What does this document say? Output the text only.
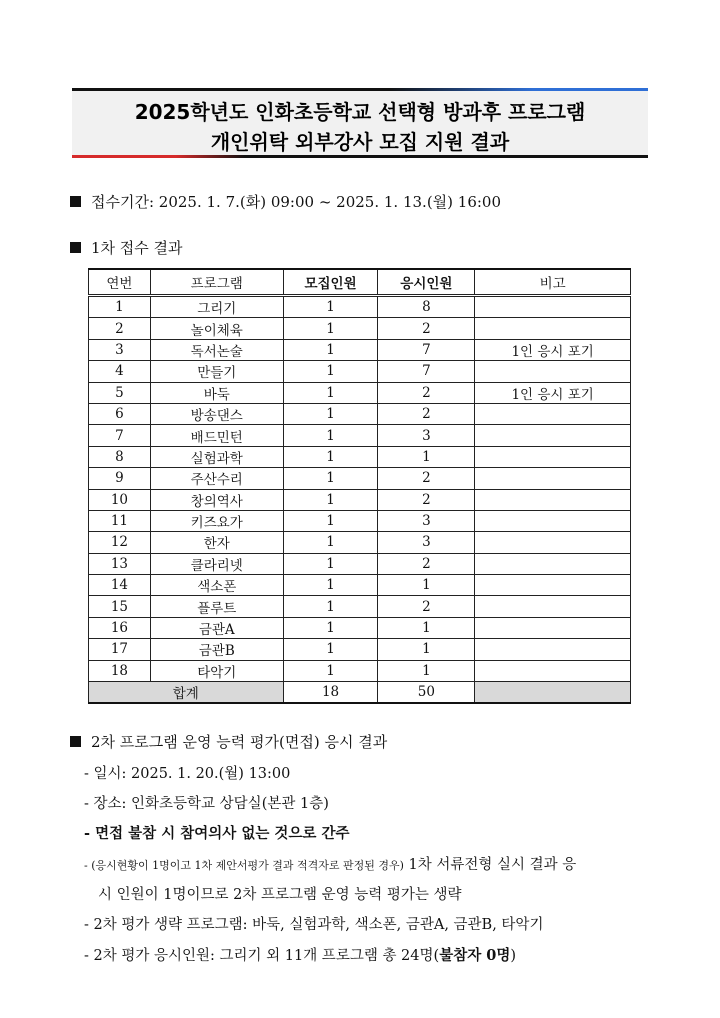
2025학년도 인화초등학교 선택형 방과후 프로그램
개인위탁 외부강사 모집 지원 결과
접수기간: 2025. 1. 7.(화) 09:00 ~ 2025. 1. 13.(월) 16:00
1차 접수 결과
연번	프로그램	모집인원	응시인원	비고
1	그리기	1	8	
2	놀이체육	1	2	
3	독서논술	1	7	1인 응시 포기
4	만들기	1	7	
5	바둑	1	2	1인 응시 포기
6	방송댄스	1	2	
7	배드민턴	1	3	
8	실험과학	1	1	
9	주산수리	1	2	
10	창의역사	1	2	
11	키즈요가	1	3	
12	한자	1	3	
13	클라리넷	1	2	
14	색소폰	1	1	
15	플루트	1	2	
16	금관A	1	1	
17	금관B	1	1	
18	타악기	1	1	
합계		18	50	
2차 프로그램 운영 능력 평가(면접) 응시 결과
- 일시: 2025. 1. 20.(월) 13:00
- 장소: 인화초등학교 상담실(본관 1층)
- 면접 불참 시 참여의사 없는 것으로 간주
- (응시현황이 1명이고 1차 제안서평가 결과 적격자로 판정된 경우) 1차 서류전형 실시 결과 응
시 인원이 1명이므로 2차 프로그램 운영 능력 평가는 생략
- 2차 평가 생략 프로그램: 바둑, 실험과학, 색소폰, 금관A, 금관B, 타악기
- 2차 평가 응시인원: 그리기 외 11개 프로그램 총 24명(불참자 0명)
